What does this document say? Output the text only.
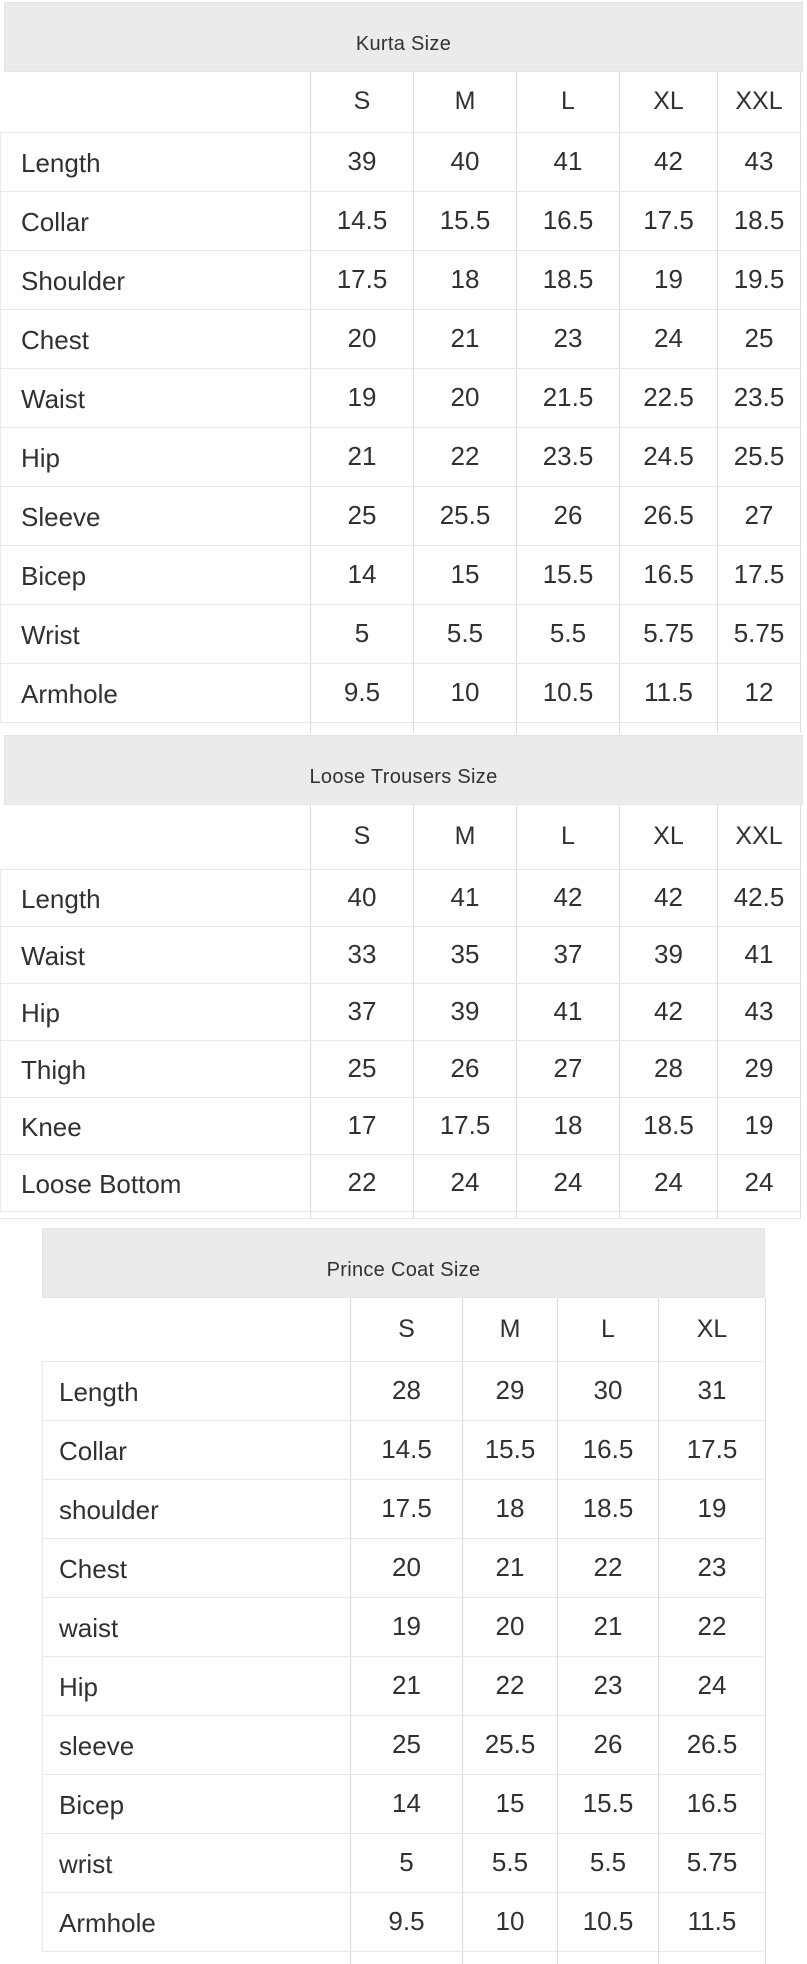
Kurta Size
	S	M	L	XL	XXL
Length	39	40	41	42	43
Collar	14.5	15.5	16.5	17.5	18.5
Shoulder	17.5	18	18.5	19	19.5
Chest	20	21	23	24	25
Waist	19	20	21.5	22.5	23.5
Hip	21	22	23.5	24.5	25.5
Sleeve	25	25.5	26	26.5	27
Bicep	14	15	15.5	16.5	17.5
Wrist	5	5.5	5.5	5.75	5.75
Armhole	9.5	10	10.5	11.5	12

Loose Trousers Size
	S	M	L	XL	XXL
Length	40	41	42	42	42.5
Waist	33	35	37	39	41
Hip	37	39	41	42	43
Thigh	25	26	27	28	29
Knee	17	17.5	18	18.5	19
Loose Bottom	22	24	24	24	24

Prince Coat Size
	S	M	L	XL
Length	28	29	30	31
Collar	14.5	15.5	16.5	17.5
shoulder	17.5	18	18.5	19
Chest	20	21	22	23
waist	19	20	21	22
Hip	21	22	23	24
sleeve	25	25.5	26	26.5
Bicep	14	15	15.5	16.5
wrist	5	5.5	5.5	5.75
Armhole	9.5	10	10.5	11.5
